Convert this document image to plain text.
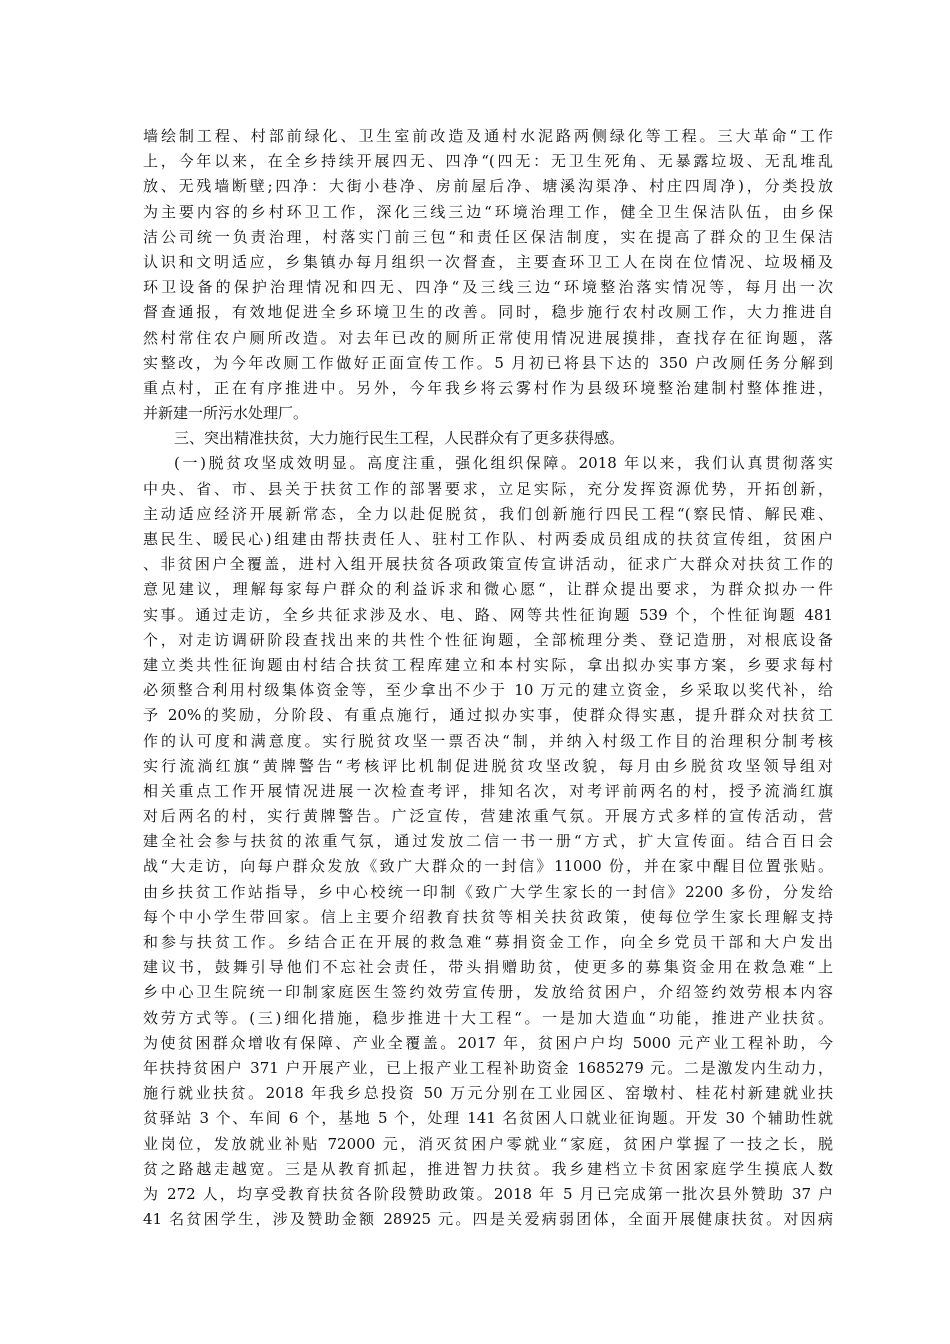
墙绘制工程、村部前绿化、卫生室前改造及通村水泥路两侧绿化等工程。三大革命“工作
上，今年以来，在全乡持续开展四无、四净“(四无：无卫生死角、无暴露垃圾、无乱堆乱
放、无残墙断壁;四净：大街小巷净、房前屋后净、塘溪沟渠净、村庄四周净)，分类投放
为主要内容的乡村环卫工作，深化三线三边“环境治理工作，健全卫生保洁队伍，由乡保
洁公司统一负责治理，村落实门前三包“和责任区保洁制度，实在提高了群众的卫生保洁
认识和文明适应，乡集镇办每月组织一次督查，主要查环卫工人在岗在位情况、垃圾桶及
环卫设备的保护治理情况和四无、四净“及三线三边“环境整治落实情况等，每月出一次
督查通报，有效地促进全乡环境卫生的改善。同时，稳步施行农村改厕工作，大力推进自
然村常住农户厕所改造。对去年已改的厕所正常使用情况进展摸排，查找存在征询题，落
实整改，为今年改厕工作做好正面宣传工作。5 月初已将县下达的 350 户改厕任务分解到
重点村，正在有序推进中。另外，今年我乡将云雾村作为县级环境整治建制村整体推进，
并新建一所污水处理厂。
三、突出精准扶贫，大力施行民生工程，人民群众有了更多获得感。
(一)脱贫攻坚成效明显。高度注重，强化组织保障。2018 年以来，我们认真贯彻落实
中央、省、市、县关于扶贫工作的部署要求，立足实际，充分发挥资源优势，开拓创新，
主动适应经济开展新常态，全力以赴促脱贫，我们创新施行四民工程“(察民情、解民难、
惠民生、暖民心)组建由帮扶责任人、驻村工作队、村两委成员组成的扶贫宣传组，贫困户
、非贫困户全覆盖，进村入组开展扶贫各项政策宣传宣讲活动，征求广大群众对扶贫工作的
意见建议，理解每家每户群众的利益诉求和微心愿“，让群众提出要求，为群众拟办一件
实事。通过走访，全乡共征求涉及水、电、路、网等共性征询题 539 个，个性征询题 481
个，对走访调研阶段查找出来的共性个性征询题，全部梳理分类、登记造册，对根底设备
建立类共性征询题由村结合扶贫工程库建立和本村实际，拿出拟办实事方案，乡要求每村
必须整合利用村级集体资金等，至少拿出不少于 10 万元的建立资金，乡采取以奖代补，给
予 20%的奖励，分阶段、有重点施行，通过拟办实事，使群众得实惠，提升群众对扶贫工
作的认可度和满意度。实行脱贫攻坚一票否决“制，并纳入村级工作目的治理积分制考核
实行流淌红旗“黄牌警告“考核评比机制促进脱贫攻坚改貌，每月由乡脱贫攻坚领导组对
相关重点工作开展情况进展一次检查考评，排知名次，对考评前两名的村，授予流淌红旗
对后两名的村，实行黄牌警告。广泛宣传，营建浓重气氛。开展方式多样的宣传活动，营
建全社会参与扶贫的浓重气氛，通过发放二信一书一册“方式，扩大宣传面。结合百日会
战“大走访，向每户群众发放《致广大群众的一封信》11000 份，并在家中醒目位置张贴。
由乡扶贫工作站指导，乡中心校统一印制《致广大学生家长的一封信》2200 多份，分发给
每个中小学生带回家。信上主要介绍教育扶贫等相关扶贫政策，使每位学生家长理解支持
和参与扶贫工作。乡结合正在开展的救急难“募捐资金工作，向全乡党员干部和大户发出
建议书，鼓舞引导他们不忘社会责任，带头捐赠助贫，使更多的募集资金用在救急难“上
乡中心卫生院统一印制家庭医生签约效劳宣传册，发放给贫困户，介绍签约效劳根本内容
效劳方式等。(三)细化措施，稳步推进十大工程“。一是加大造血“功能，推进产业扶贫。
为使贫困群众增收有保障、产业全覆盖。2017 年，贫困户户均 5000 元产业工程补助，今
年扶持贫困户 371 户开展产业，已上报产业工程补助资金 1685279 元。二是激发内生动力，
施行就业扶贫。2018 年我乡总投资 50 万元分别在工业园区、窑墩村、桂花村新建就业扶
贫驿站 3 个、车间 6 个，基地 5 个，处理 141 名贫困人口就业征询题。开发 30 个辅助性就
业岗位，发放就业补贴 72000 元，消灭贫困户零就业“家庭，贫困户掌握了一技之长，脱
贫之路越走越宽。三是从教育抓起，推进智力扶贫。我乡建档立卡贫困家庭学生摸底人数
为 272 人，均享受教育扶贫各阶段赞助政策。2018 年 5 月已完成第一批次县外赞助 37 户
41 名贫困学生，涉及赞助金额 28925 元。四是关爱病弱团体，全面开展健康扶贫。对因病
